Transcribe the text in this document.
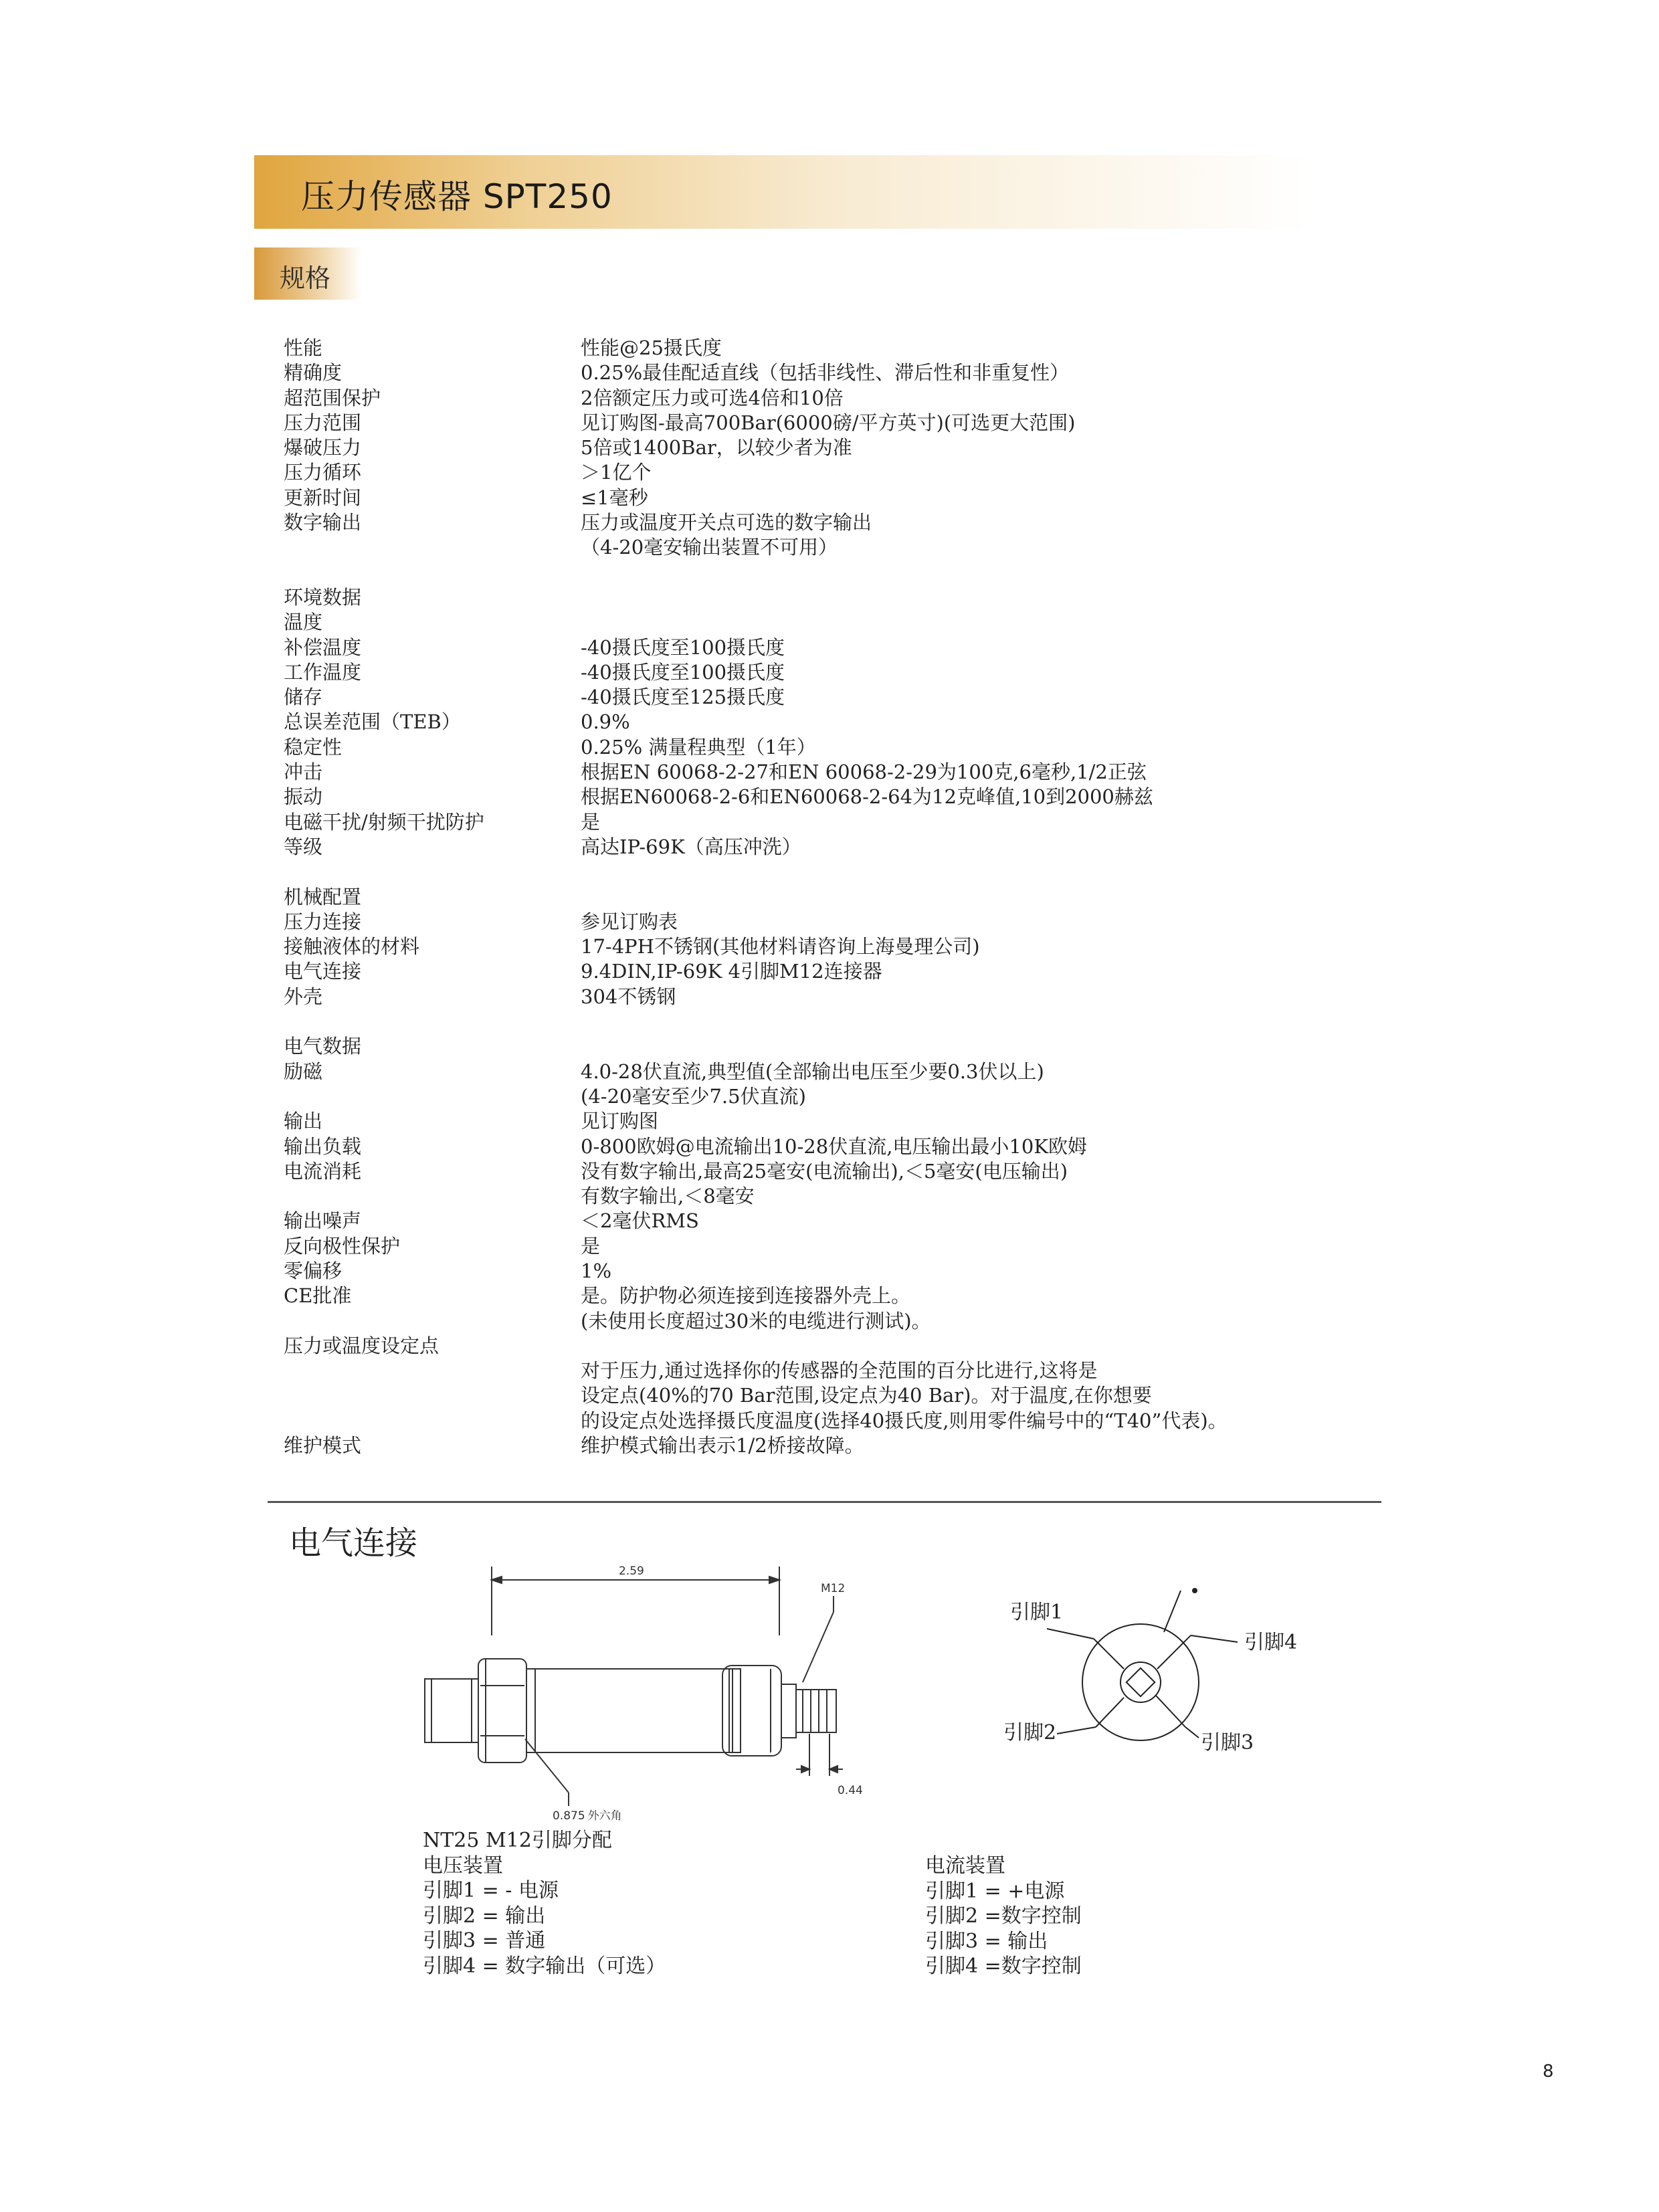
压力传感器 SPT250
规格
性能	性能@25摄氏度
精确度	0.25%最佳配适直线（包括非线性、滞后性和非重复性）
超范围保护	2倍额定压力或可选4倍和10倍
压力范围	见订购图-最高700Bar(6000磅/平方英寸)(可选更大范围)
爆破压力	5倍或1400Bar，以较少者为准
压力循环	＞1亿个
更新时间	≤1毫秒
数字输出	压力或温度开关点可选的数字输出
（4-20毫安输出装置不可用）
环境数据
温度
补偿温度	-40摄氏度至100摄氏度
工作温度	-40摄氏度至100摄氏度
储存	-40摄氏度至125摄氏度
总误差范围（TEB）	0.9%
稳定性	0.25% 满量程典型（1年）
冲击	根据EN 60068-2-27和EN 60068-2-29为100克,6毫秒,1/2正弦
振动	根据EN60068-2-6和EN60068-2-64为12克峰值,10到2000赫兹
电磁干扰/射频干扰防护	是
等级	高达IP-69K（高压冲洗）
机械配置
压力连接	参见订购表
接触液体的材料	17-4PH不锈钢(其他材料请咨询上海曼理公司)
电气连接	9.4DIN,IP-69K 4引脚M12连接器
外壳	304不锈钢
电气数据
励磁	4.0-28伏直流,典型值(全部输出电压至少要0.3伏以上)
(4-20毫安至少7.5伏直流)
输出	见订购图
输出负载	0-800欧姆@电流输出10-28伏直流,电压输出最小10K欧姆
电流消耗	没有数字输出,最高25毫安(电流输出),＜5毫安(电压输出)
有数字输出,＜8毫安
输出噪声	＜2毫伏RMS
反向极性保护	是
零偏移	1%
CE批准	是。防护物必须连接到连接器外壳上。
(未使用长度超过30米的电缆进行测试)。
压力或温度设定点
对于压力,通过选择你的传感器的全范围的百分比进行,这将是
设定点(40%的70 Bar范围,设定点为40 Bar)。对于温度,在你想要
的设定点处选择摄氏度温度(选择40摄氏度,则用零件编号中的“T40”代表)。
维护模式	维护模式输出表示1/2桥接故障。
电气连接
2.59
M12
0.44
0.875 外六角
引脚1
引脚4
引脚2	引脚3
NT25 M12引脚分配
电压装置
引脚1 = - 电源
引脚2 = 输出
引脚3 = 普通
引脚4 = 数字输出（可选）
电流装置
引脚1 = +电源
引脚2 =数字控制
引脚3 = 输出
引脚4 =数字控制
8
